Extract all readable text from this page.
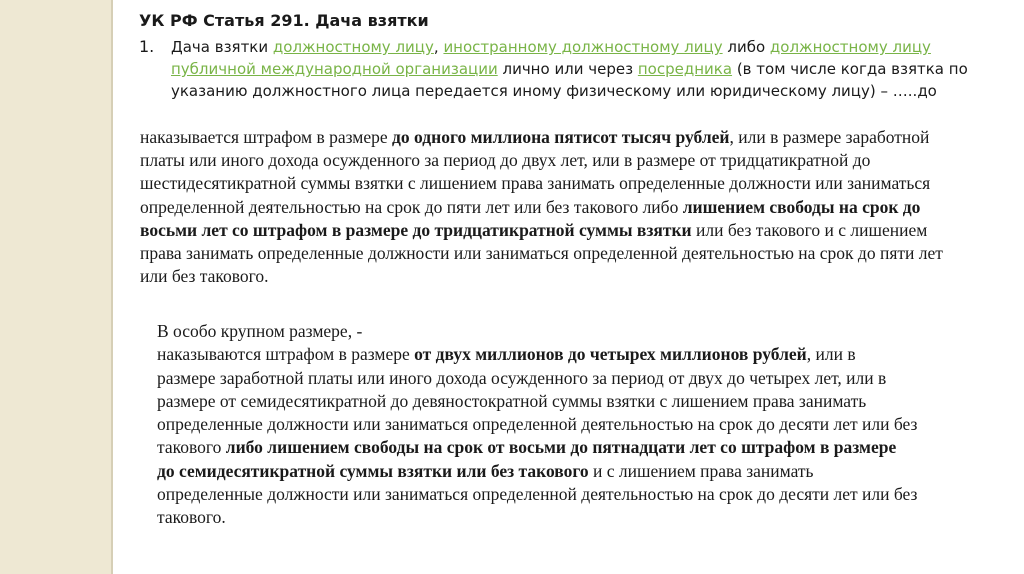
УК РФ Статья 291. Дача взятки
1. Дача взятки должностному лицу, иностранному должностному лицу либо должностному лицу
публичной международной организации лично или через посредника (в том числе когда взятка по
указанию должностного лица передается иному физическому или юридическому лицу) – …..до
наказывается штрафом в размере до одного миллиона пятисот тысяч рублей, или в размере заработной
платы или иного дохода осужденного за период до двух лет, или в размере от тридцатикратной до
шестидесятикратной суммы взятки с лишением права занимать определенные должности или заниматься
определенной деятельностью на срок до пяти лет или без такового либо лишением свободы на срок до
восьми лет со штрафом в размере до тридцатикратной суммы взятки или без такового и с лишением
права занимать определенные должности или заниматься определенной деятельностью на срок до пяти лет
или без такового.
В особо крупном размере, -
наказываются штрафом в размере от двух миллионов до четырех миллионов рублей, или в
размере заработной платы или иного дохода осужденного за период от двух до четырех лет, или в
размере от семидесятикратной до девяностократной суммы взятки с лишением права занимать
определенные должности или заниматься определенной деятельностью на срок до десяти лет или без
такового либо лишением свободы на срок от восьми до пятнадцати лет со штрафом в размере
до семидесятикратной суммы взятки или без такового и с лишением права занимать
определенные должности или заниматься определенной деятельностью на срок до десяти лет или без
такового.
